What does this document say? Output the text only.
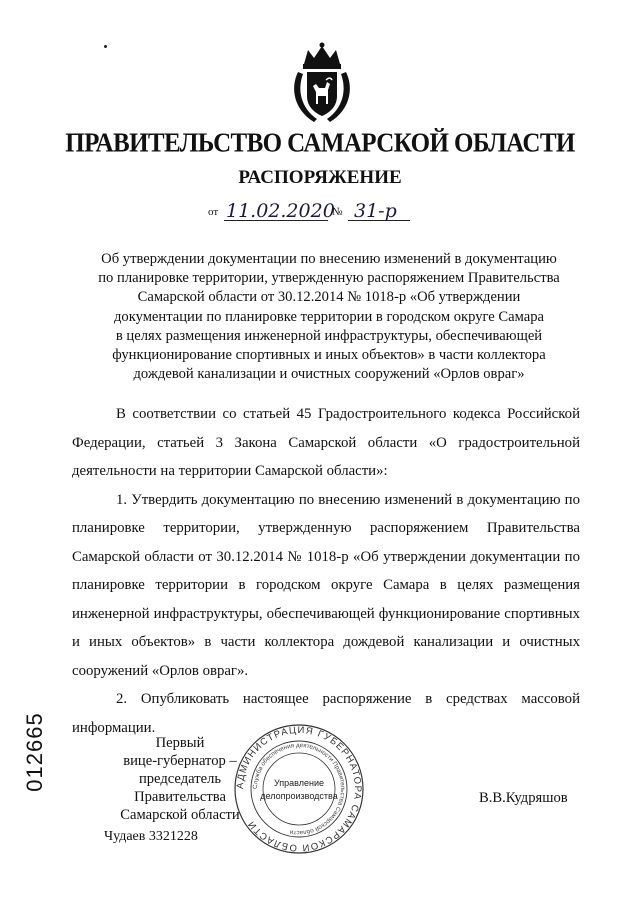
ПРАВИТЕЛЬСТВО САМАРСКОЙ ОБЛАСТИ
РАСПОРЯЖЕНИЕ
от 11.02.2020
№ 31-р
Об утверждении документации по внесению изменений в документацию
по планировке территории, утвержденную распоряжением Правительства
Самарской области от 30.12.2014 № 1018-р «Об утверждении
документации по планировке территории в городском округе Самара
в целях размещения инженерной инфраструктуры, обеспечивающей
функционирование спортивных и иных объектов» в части коллектора
дождевой канализации и очистных сооружений «Орлов овраг»

В соответствии со статьей 45 Градостроительного кодекса Российской Федерации, статьей 3 Закона Самарской области «О градостроительной деятельности на территории Самарской области»:

1. Утвердить документацию по внесению изменений в документацию по планировке территории, утвержденную распоряжением Правительства Самарской области от 30.12.2014 № 1018-р «Об утверждении документации по планировке территории в городском округе Самара в целях размещения инженерной инфраструктуры, обеспечивающей функционирование спортивных и иных объектов» в части коллектора дождевой канализации и очистных сооружений «Орлов овраг».

2. Опубликовать настоящее распоряжение в средствах массовой информации.

Первый
вице-губернатор –
председатель Правительства
Самарской области
АДМИНИСТРАЦИЯ ГУБЕРНАТОРА САМАРСКОЙ ОБЛАСТИ
Служба обеспечения деятельности Правительства Самарской области
Управление
делопроизводства	В.В.Кудряшов
012665
Чудаев 3321228
